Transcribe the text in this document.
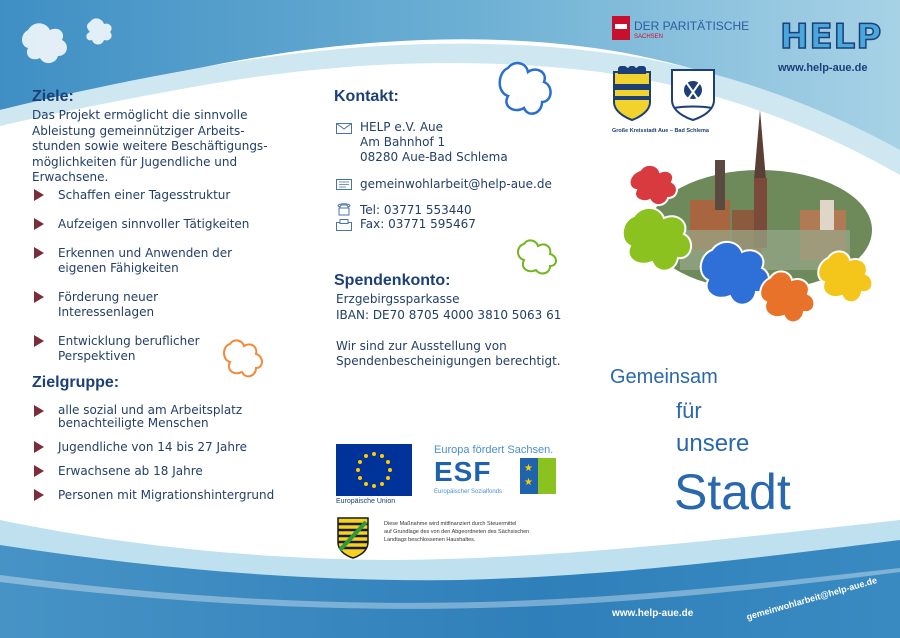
DER PARITÄTISCHE
SACHSEN	HELP
www.help-aue.de
Große Kreisstadt Aue – Bad Schlema
Ziele:
Das Projekt ermöglicht die sinnvolle
Ableistung gemeinnütziger Arbeits-
stunden sowie weitere Beschäftigungs-
möglichkeiten für Jugendliche und
Erwachsene.
Schaffen einer Tagesstruktur
Aufzeigen sinnvoller Tätigkeiten
Erkennen und Anwenden der
eigenen Fähigkeiten
Förderung neuer
Interessenlagen
Entwicklung beruflicher
Perspektiven
Zielgruppe:
alle sozial und am Arbeitsplatz
benachteiligte Menschen
Jugendliche von 14 bis 27 Jahre
Erwachsene ab 18 Jahre
Personen mit Migrationshintergrund
Kontakt:
HELP e.V. Aue
Am Bahnhof 1
08280 Aue-Bad Schlema
gemeinwohlarbeit@help-aue.de
Tel: 03771 553440
Fax: 03771 595467
Spendenkonto:
Erzgebirgssparkasse
IBAN: DE70 8705 4000 3810 5063 61
Wir sind zur Ausstellung von
Spendenbescheinigungen berechtigt.
Europäische Union
Europa fördert Sachsen.
ESF	★
★
Europäischer Sozialfonds
Diese Maßnahme wird mitfinanziert durch Steuermittel
auf Grundlage des von den Abgeordneten des Sächsischen
Landtags beschlossenen Haushaltes.
Gemeinsam
für
unsere
Stadt
www.help-aue.de	gemeinwohlarbeit@help-aue.de
